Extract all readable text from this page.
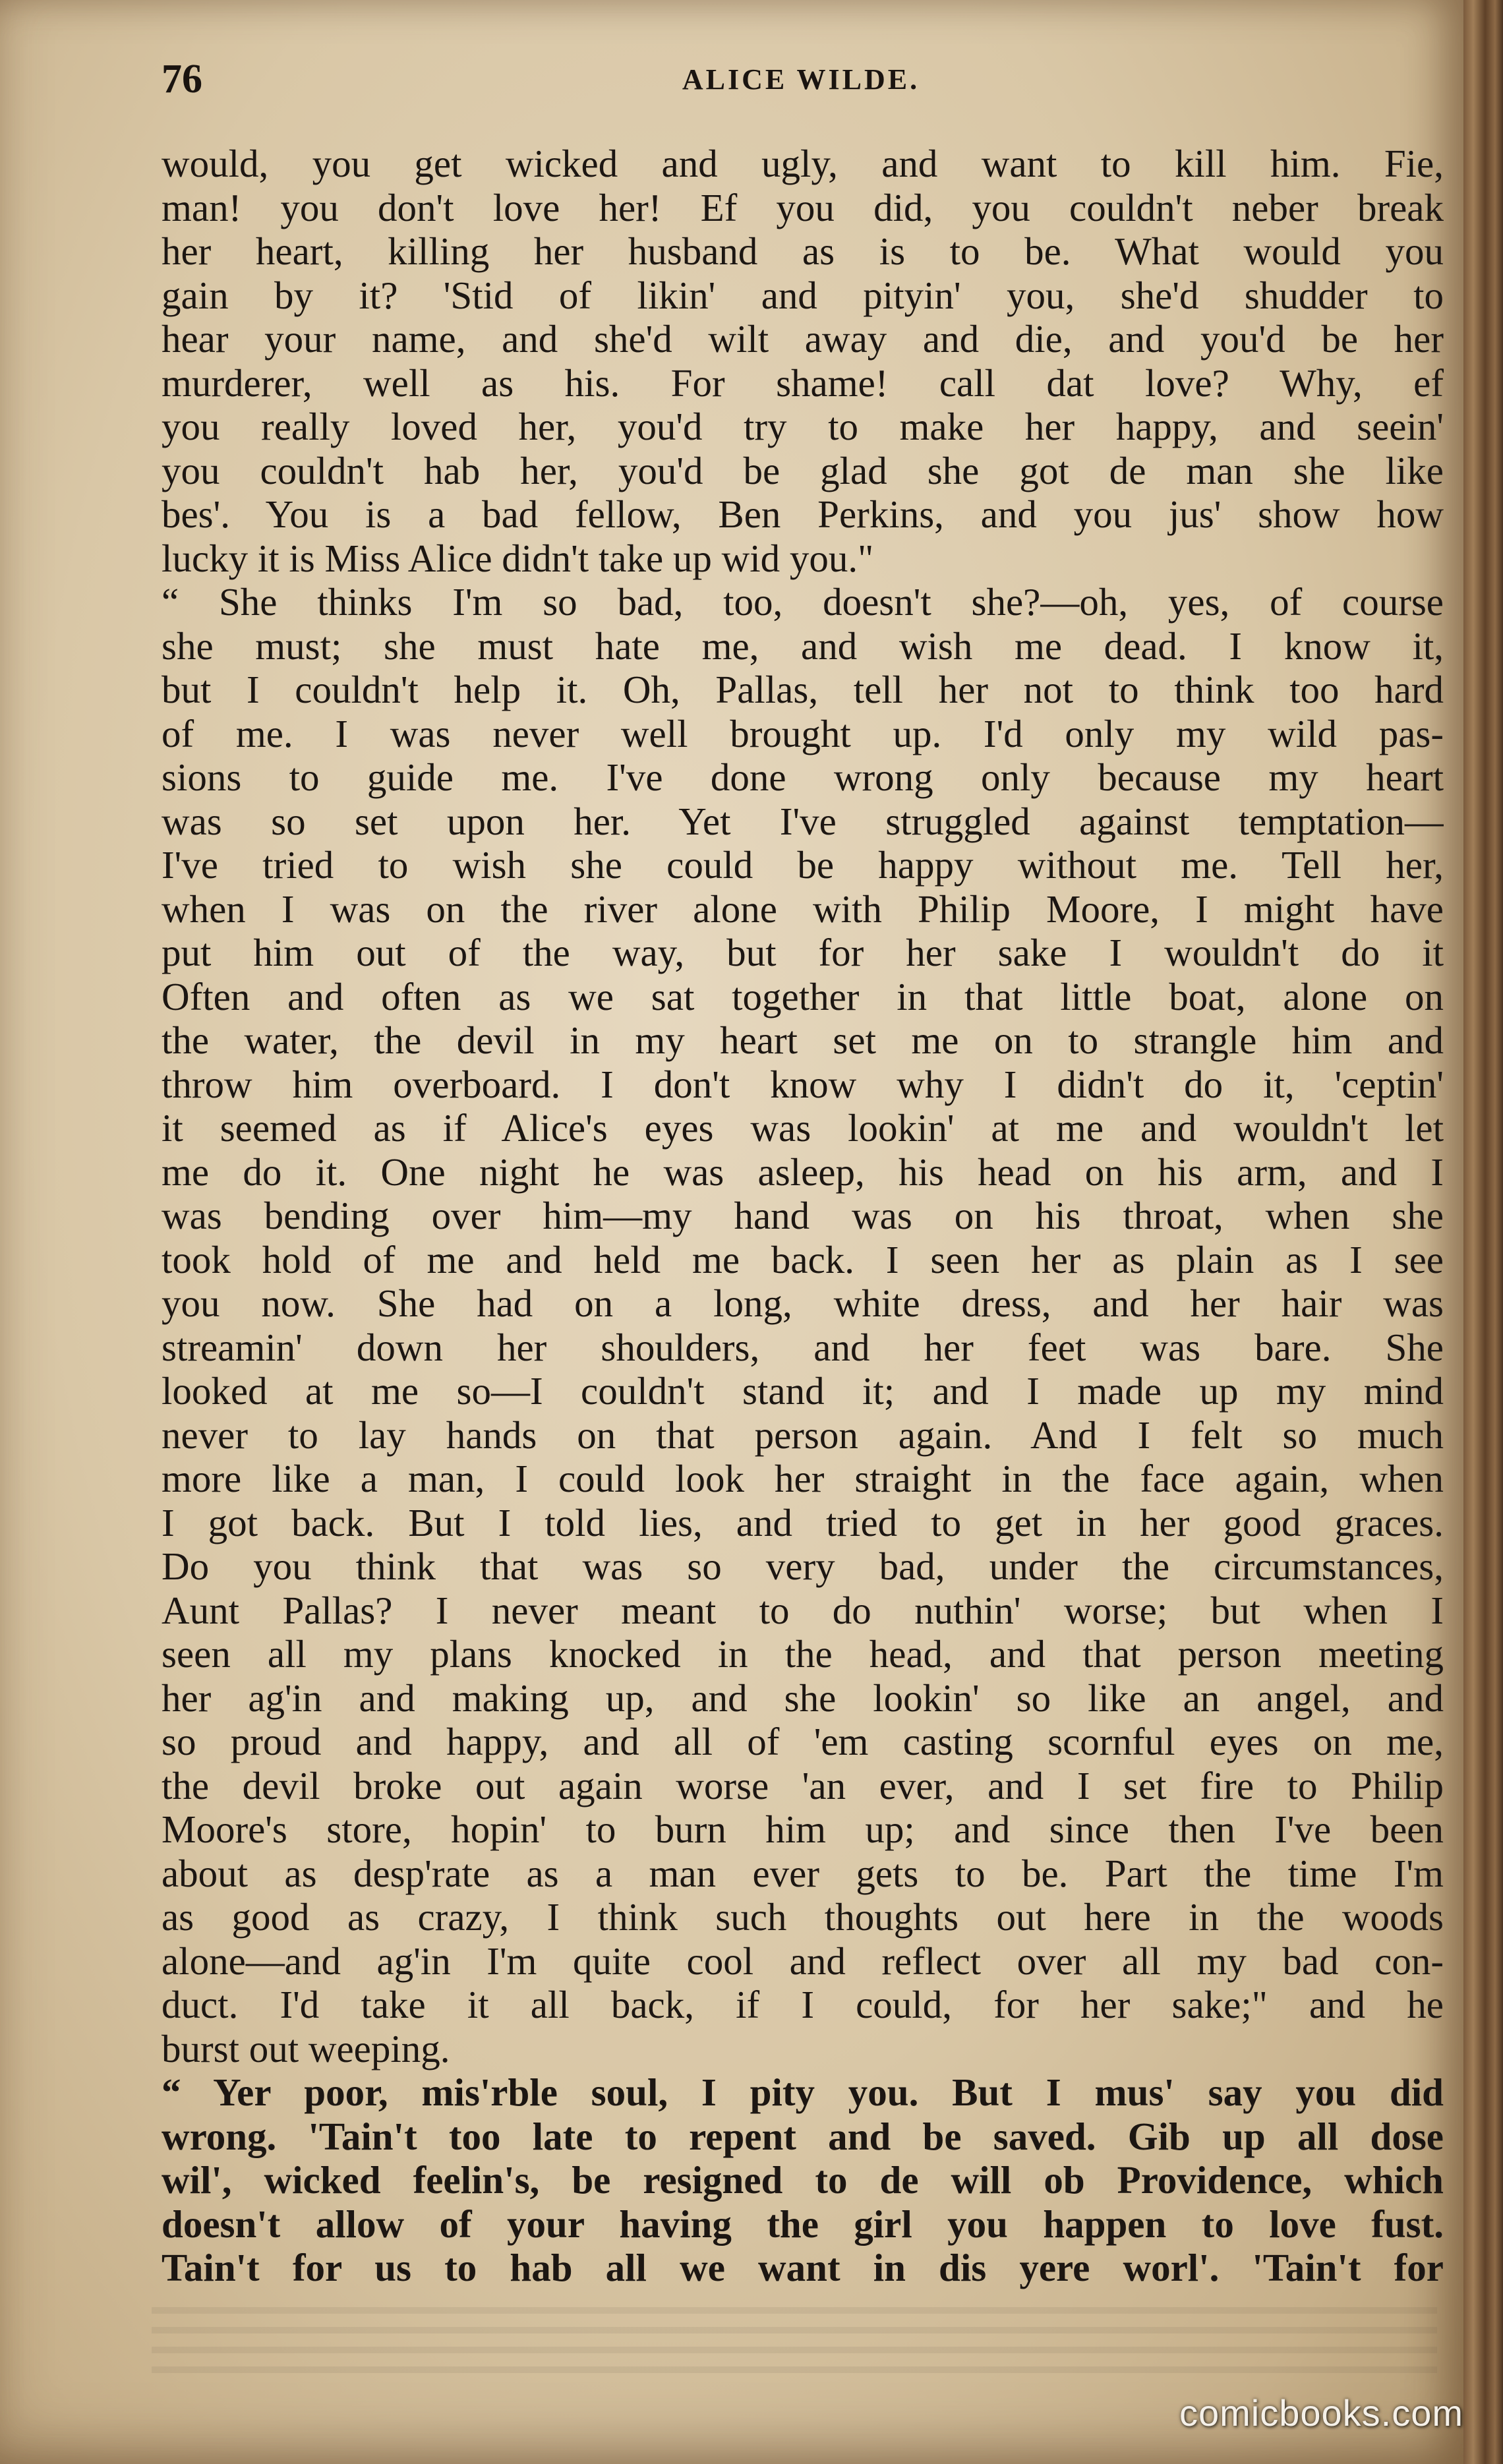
76	ALICE WILDE.
would, you get wicked and ugly, and want to kill him. Fie,
man! you don't love her! Ef you did, you couldn't neber break
her heart, killing her husband as is to be. What would you
gain by it? 'Stid of likin' and pityin' you, she'd shudder to
hear your name, and she'd wilt away and die, and you'd be her
murderer, well as his. For shame! call dat love? Why, ef
you really loved her, you'd try to make her happy, and seein'
you couldn't hab her, you'd be glad she got de man she like
bes'. You is a bad fellow, Ben Perkins, and you jus' show how
lucky it is Miss Alice didn't take up wid you."
“ She thinks I'm so bad, too, doesn't she?—oh, yes, of course
she must; she must hate me, and wish me dead. I know it,
but I couldn't help it. Oh, Pallas, tell her not to think too hard
of me. I was never well brought up. I'd only my wild pas-
sions to guide me. I've done wrong only because my heart
was so set upon her. Yet I've struggled against temptation—
I've tried to wish she could be happy without me. Tell her,
when I was on the river alone with Philip Moore, I might have
put him out of the way, but for her sake I wouldn't do it
Often and often as we sat together in that little boat, alone on
the water, the devil in my heart set me on to strangle him and
throw him overboard. I don't know why I didn't do it, 'ceptin'
it seemed as if Alice's eyes was lookin' at me and wouldn't let
me do it. One night he was asleep, his head on his arm, and I
was bending over him—my hand was on his throat, when she
took hold of me and held me back. I seen her as plain as I see
you now. She had on a long, white dress, and her hair was
streamin' down her shoulders, and her feet was bare. She
looked at me so—I couldn't stand it; and I made up my mind
never to lay hands on that person again. And I felt so much
more like a man, I could look her straight in the face again, when
I got back. But I told lies, and tried to get in her good graces.
Do you think that was so very bad, under the circumstances,
Aunt Pallas? I never meant to do nuthin' worse; but when I
seen all my plans knocked in the head, and that person meeting
her ag'in and making up, and she lookin' so like an angel, and
so proud and happy, and all of 'em casting scornful eyes on me,
the devil broke out again worse 'an ever, and I set fire to Philip
Moore's store, hopin' to burn him up; and since then I've been
about as desp'rate as a man ever gets to be. Part the time I'm
as good as crazy, I think such thoughts out here in the woods
alone—and ag'in I'm quite cool and reflect over all my bad con-
duct. I'd take it all back, if I could, for her sake;" and he
burst out weeping.
“ Yer poor, mis'rble soul, I pity you. But I mus' say you did
wrong. 'Tain't too late to repent and be saved. Gib up all dose
wil', wicked feelin's, be resigned to de will ob Providence, which
doesn't allow of your having the girl you happen to love fust.
Tain't for us to hab all we want in dis yere worl'. 'Tain't for
comicbooks.com
